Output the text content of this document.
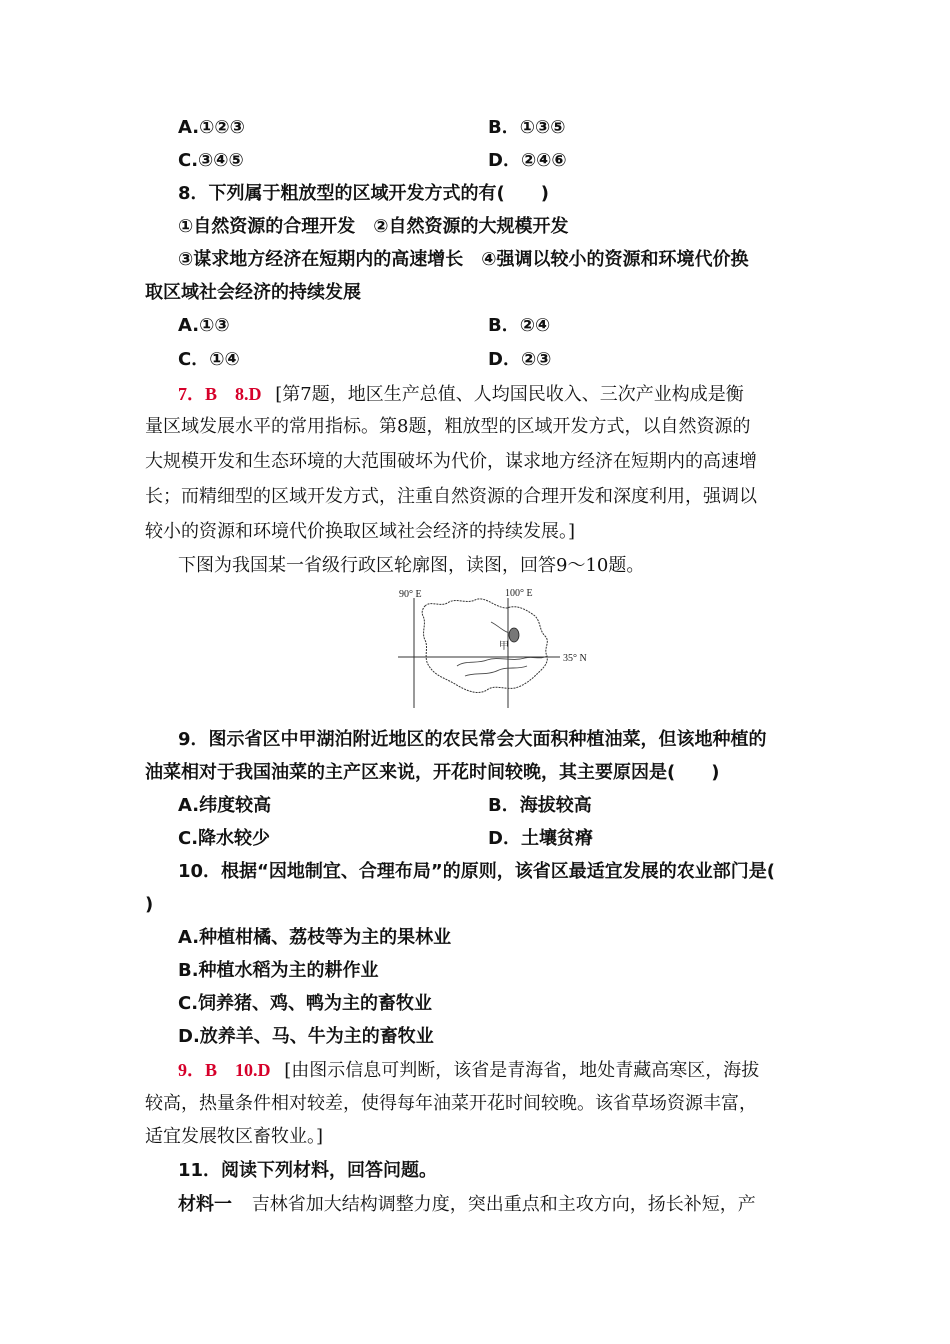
A.①②③	B．①③⑤
C.③④⑤	D．②④⑥
8．下列属于粗放型的区域开发方式的有(　　)
①自然资源的合理开发　②自然资源的大规模开发
③谋求地方经济在短期内的高速增长　④强调以较小的资源和环境代价换
取区域社会经济的持续发展
A.①③	B．②④
C．①④	D．②③
7．B　8.D [第7题，地区生产总值、人均国民收入、三次产业构成是衡
量区域发展水平的常用指标。第8题，粗放型的区域开发方式，以自然资源的
大规模开发和生态环境的大范围破坏为代价，谋求地方经济在短期内的高速增
长；而精细型的区域开发方式，注重自然资源的合理开发和深度利用，强调以
较小的资源和环境代价换取区域社会经济的持续发展。]
下图为我国某一省级行政区轮廓图，读图，回答9～10题。
90° E	100° E
35° N
甲
9．图示省区中甲湖泊附近地区的农民常会大面积种植油菜，但该地种植的
油菜相对于我国油菜的主产区来说，开花时间较晚，其主要原因是(　　)
A.纬度较高	B．海拔较高
C.降水较少	D．土壤贫瘠
10．根据“因地制宜、合理布局”的原则，该省区最适宜发展的农业部门是(
)
A.种植柑橘、荔枝等为主的果林业
B.种植水稻为主的耕作业
C.饲养猪、鸡、鸭为主的畜牧业
D.放养羊、马、牛为主的畜牧业
9．B　10.D [由图示信息可判断，该省是青海省，地处青藏高寒区，海拔
较高，热量条件相对较差，使得每年油菜开花时间较晚。该省草场资源丰富，
适宜发展牧区畜牧业。]
11．阅读下列材料，回答问题。
材料一 吉林省加大结构调整力度，突出重点和主攻方向，扬长补短，产
